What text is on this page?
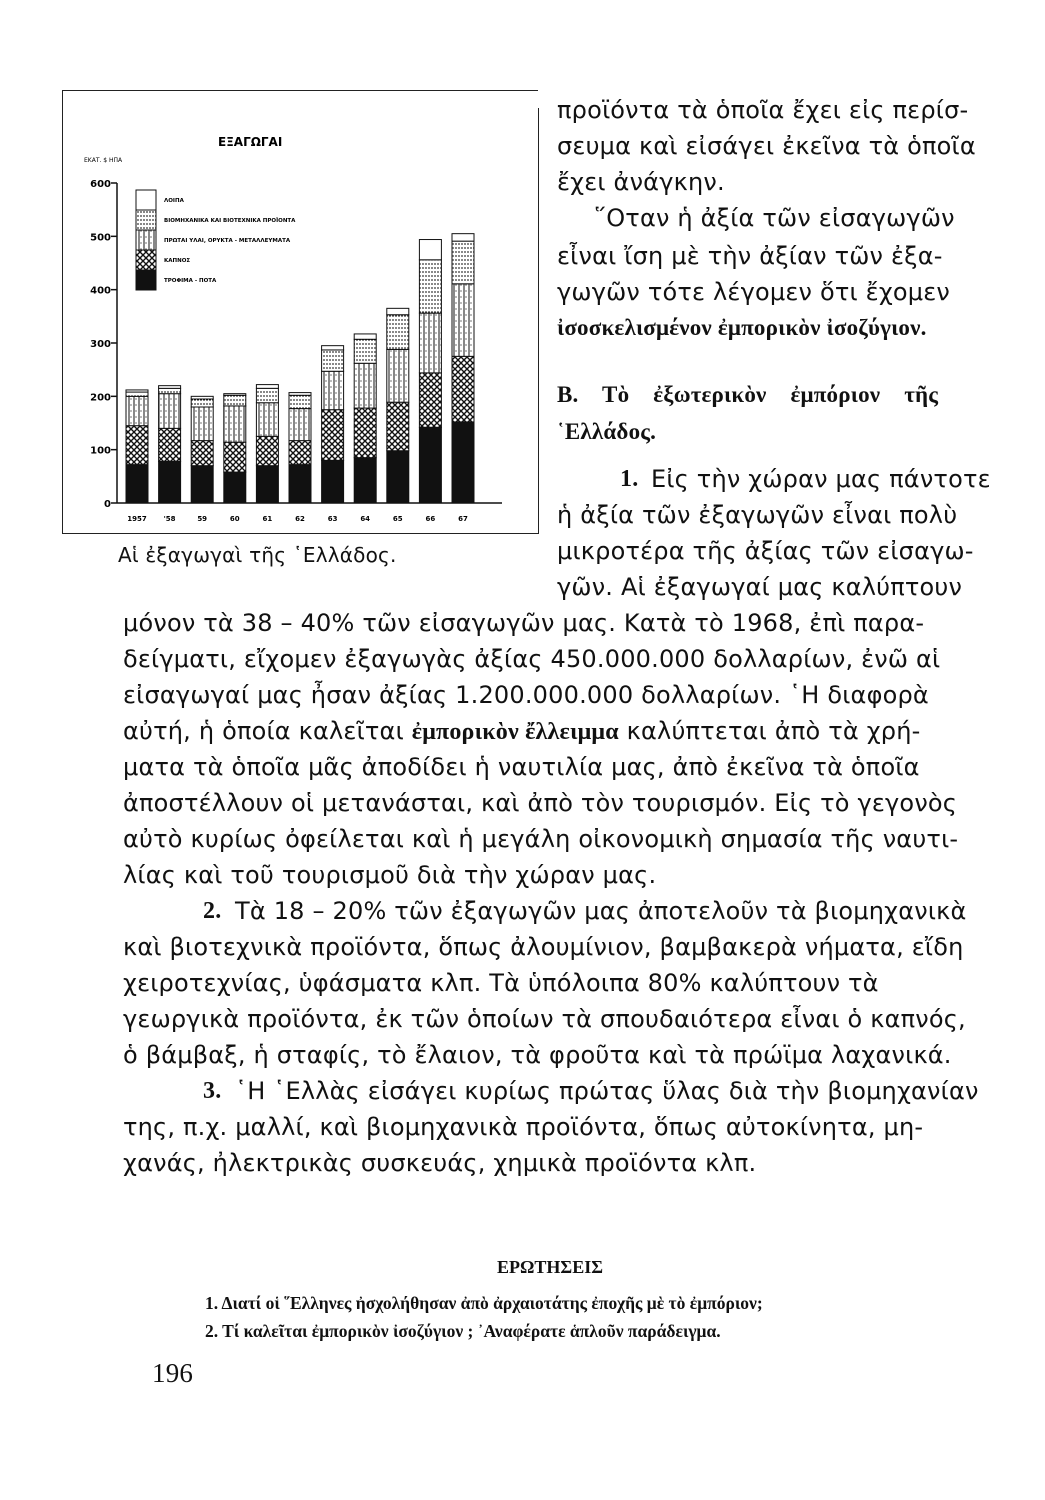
0
100
200
300
400
500
600
ΕΚΑΤ. $ ΗΠΑ
ΕΞΑΓΩΓΑΙ
1957 '58	59	60	61	62	63	64	65	66	67
ΛΟΙΠΑ
ΒΙΟΜΗΧΑΝΙΚΑ ΚΑΙ ΒΙΟΤΕΧΝΙΚΑ ΠΡΟΪΟΝΤΑ
ΠΡΩΤΑΙ ΥΛΑΙ, ΟΡΥΚΤΑ - ΜΕΤΑΛΛΕΥΜΑΤΑ
ΚΑΠΝΟΣ
ΤΡΟΦΙΜΑ - ΠΟΤΑ

Αἱ ἐξαγωγαὶ τῆς ῾Ελλάδος.

προϊόντα τὰ ὁποῖα ἔχει εἰς περίσ-

σευμα καὶ εἰσάγει ἐκεῖνα τὰ ὁποῖα

ἔχει ἀνάγκην.

῞Οταν ἡ ἀξία τῶν εἰσαγωγῶν

εἶναι ἴση μὲ τὴν ἀξίαν τῶν ἐξα-

γωγῶν τότε λέγομεν ὅτι ἔχομεν

ἰσοσκελισμένον ἐμπορικὸν ἰσοζύγιον.

Β. Τὸ ἐξωτερικὸν ἐμπόριον τῆς

῾Ελλάδος.

1. Εἰς τὴν χώραν μας πάντοτε

ἡ ἀξία τῶν ἐξαγωγῶν εἶναι πολὺ

μικροτέρα τῆς ἀξίας τῶν εἰσαγω-

γῶν. Αἱ ἐξαγωγαί μας καλύπτουν

μόνον τὰ 38 – 40% τῶν εἰσαγωγῶν μας. Κατὰ τὸ 1968, ἐπὶ παρα-

δείγματι, εἴχομεν ἐξαγωγὰς ἀξίας 450.000.000 δολλαρίων, ἐνῶ αἱ

εἰσαγωγαί μας ἦσαν ἀξίας 1.200.000.000 δολλαρίων. ῾Η διαφορὰ

αὐτή, ἡ ὁποία καλεῖται ἐμπορικὸν ἔλλειμμα καλύπτεται ἀπὸ τὰ χρή-

ματα τὰ ὁποῖα μᾶς ἀποδίδει ἡ ναυτιλία μας, ἀπὸ ἐκεῖνα τὰ ὁποῖα

ἀποστέλλουν οἱ μετανάσται, καὶ ἀπὸ τὸν τουρισμόν. Εἰς τὸ γεγονὸς

αὐτὸ κυρίως ὀφείλεται καὶ ἡ μεγάλη οἰκονομικὴ σημασία τῆς ναυτι-

λίας καὶ τοῦ τουρισμοῦ διὰ τὴν χώραν μας.

2. Τὰ 18 – 20% τῶν ἐξαγωγῶν μας ἀποτελοῦν τὰ βιομηχανικὰ

καὶ βιοτεχνικὰ προϊόντα, ὅπως ἀλουμίνιον, βαμβακερὰ νήματα, εἴδη

χειροτεχνίας, ὑφάσματα κλπ. Τὰ ὑπόλοιπα 80% καλύπτουν τὰ

γεωργικὰ προϊόντα, ἐκ τῶν ὁποίων τὰ σπουδαιότερα εἶναι ὁ καπνός,

ὁ βάμβαξ, ἡ σταφίς, τὸ ἔλαιον, τὰ φροῦτα καὶ τὰ πρώϊμα λαχανικά.

3. ῾Η ῾Ελλὰς εἰσάγει κυρίως πρώτας ὕλας διὰ τὴν βιομηχανίαν

της, π.χ. μαλλί, καὶ βιομηχανικὰ προϊόντα, ὅπως αὐτοκίνητα, μη-

χανάς, ἠλεκτρικὰς συσκευάς, χημικὰ προϊόντα κλπ.

ΕΡΩΤΗΣΕΙΣ

1. Διατί οἱ ῞Ελληνες ἠσχολήθησαν ἀπὸ ἀρχαιοτάτης ἐποχῆς μὲ τὸ ἐμπόριον;

2. Τί καλεῖται ἐμπορικὸν ἰσοζύγιον ; ᾿Αναφέρατε ἁπλοῦν παράδειγμα.

196
